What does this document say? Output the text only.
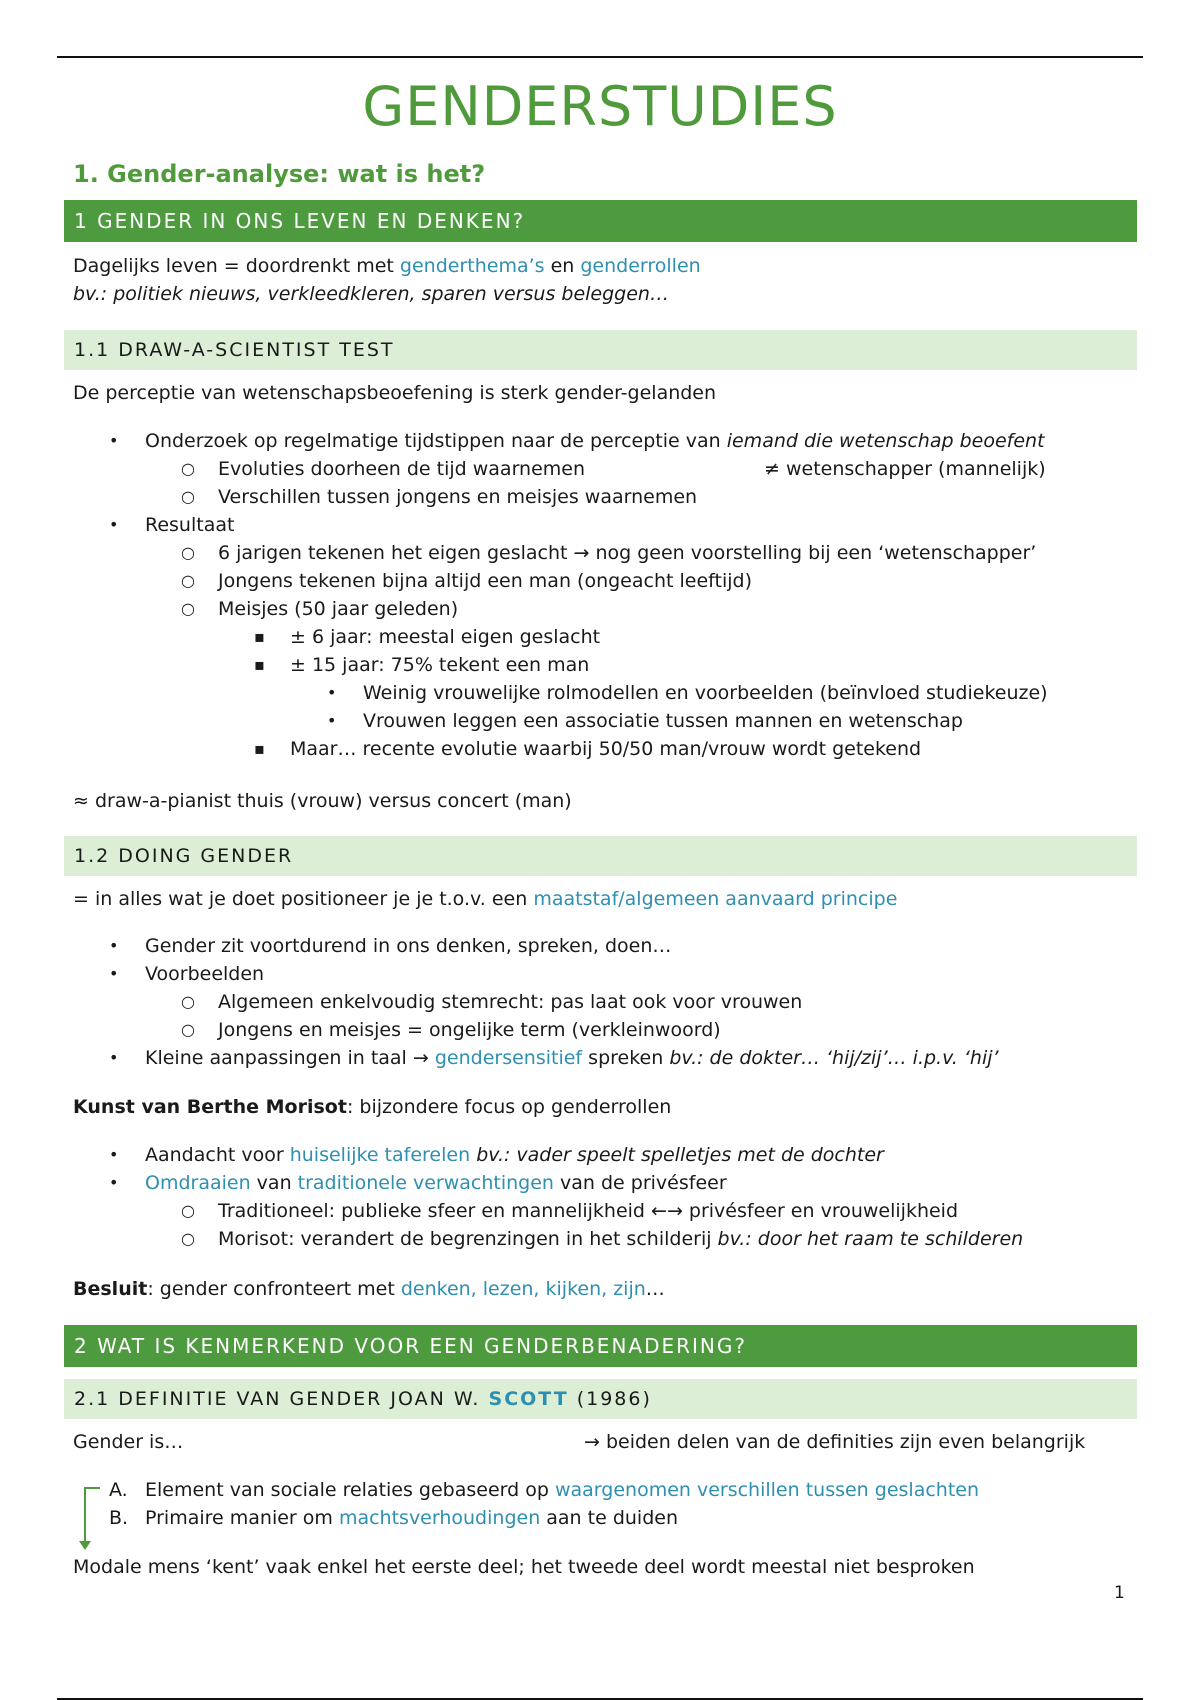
GENDERSTUDIES
1. Gender-analyse: wat is het?
1 GENDER IN ONS LEVEN EN DENKEN?
Dagelijks leven = doordrenkt met genderthema’s en genderrollen
bv.: politiek nieuws, verkleedkleren, sparen versus beleggen…
1.1 DRAW-A-SCIENTIST TEST
De perceptie van wetenschapsbeoefening is sterk gender-gelanden
• Onderzoek op regelmatige tijdstippen naar de perceptie van iemand die wetenschap beoefent
○ Evoluties doorheen de tijd waarnemen	≠ wetenschapper (mannelijk)
○ Verschillen tussen jongens en meisjes waarnemen
• Resultaat
○ 6 jarigen tekenen het eigen geslacht → nog geen voorstelling bij een ‘wetenschapper’
○ Jongens tekenen bijna altijd een man (ongeacht leeftijd)
○ Meisjes (50 jaar geleden)
▪ ± 6 jaar: meestal eigen geslacht
▪ ± 15 jaar: 75% tekent een man
• Weinig vrouwelijke rolmodellen en voorbeelden (beïnvloed studiekeuze)
• Vrouwen leggen een associatie tussen mannen en wetenschap
▪ Maar… recente evolutie waarbij 50/50 man/vrouw wordt getekend
≈ draw-a-pianist thuis (vrouw) versus concert (man)
1.2 DOING GENDER
= in alles wat je doet positioneer je je t.o.v. een maatstaf/algemeen aanvaard principe
• Gender zit voortdurend in ons denken, spreken, doen…
• Voorbeelden
○ Algemeen enkelvoudig stemrecht: pas laat ook voor vrouwen
○ Jongens en meisjes = ongelijke term (verkleinwoord)
• Kleine aanpassingen in taal → gendersensitief spreken bv.: de dokter… ‘hij/zij’… i.p.v. ‘hij’
Kunst van Berthe Morisot: bijzondere focus op genderrollen
• Aandacht voor huiselijke taferelen bv.: vader speelt spelletjes met de dochter
• Omdraaien van traditionele verwachtingen van de privésfeer
○ Traditioneel: publieke sfeer en mannelijkheid ←→ privésfeer en vrouwelijkheid
○ Morisot: verandert de begrenzingen in het schilderij bv.: door het raam te schilderen
Besluit: gender confronteert met denken, lezen, kijken, zijn…
2 WAT IS KENMERKEND VOOR EEN GENDERBENADERING?
2.1 DEFINITIE VAN GENDER JOAN W. SCOTT (1986)
Gender is…	→ beiden delen van de definities zijn even belangrijk
A. Element van sociale relaties gebaseerd op waargenomen verschillen tussen geslachten
B. Primaire manier om machtsverhoudingen aan te duiden
Modale mens ‘kent’ vaak enkel het eerste deel; het tweede deel wordt meestal niet besproken
1
